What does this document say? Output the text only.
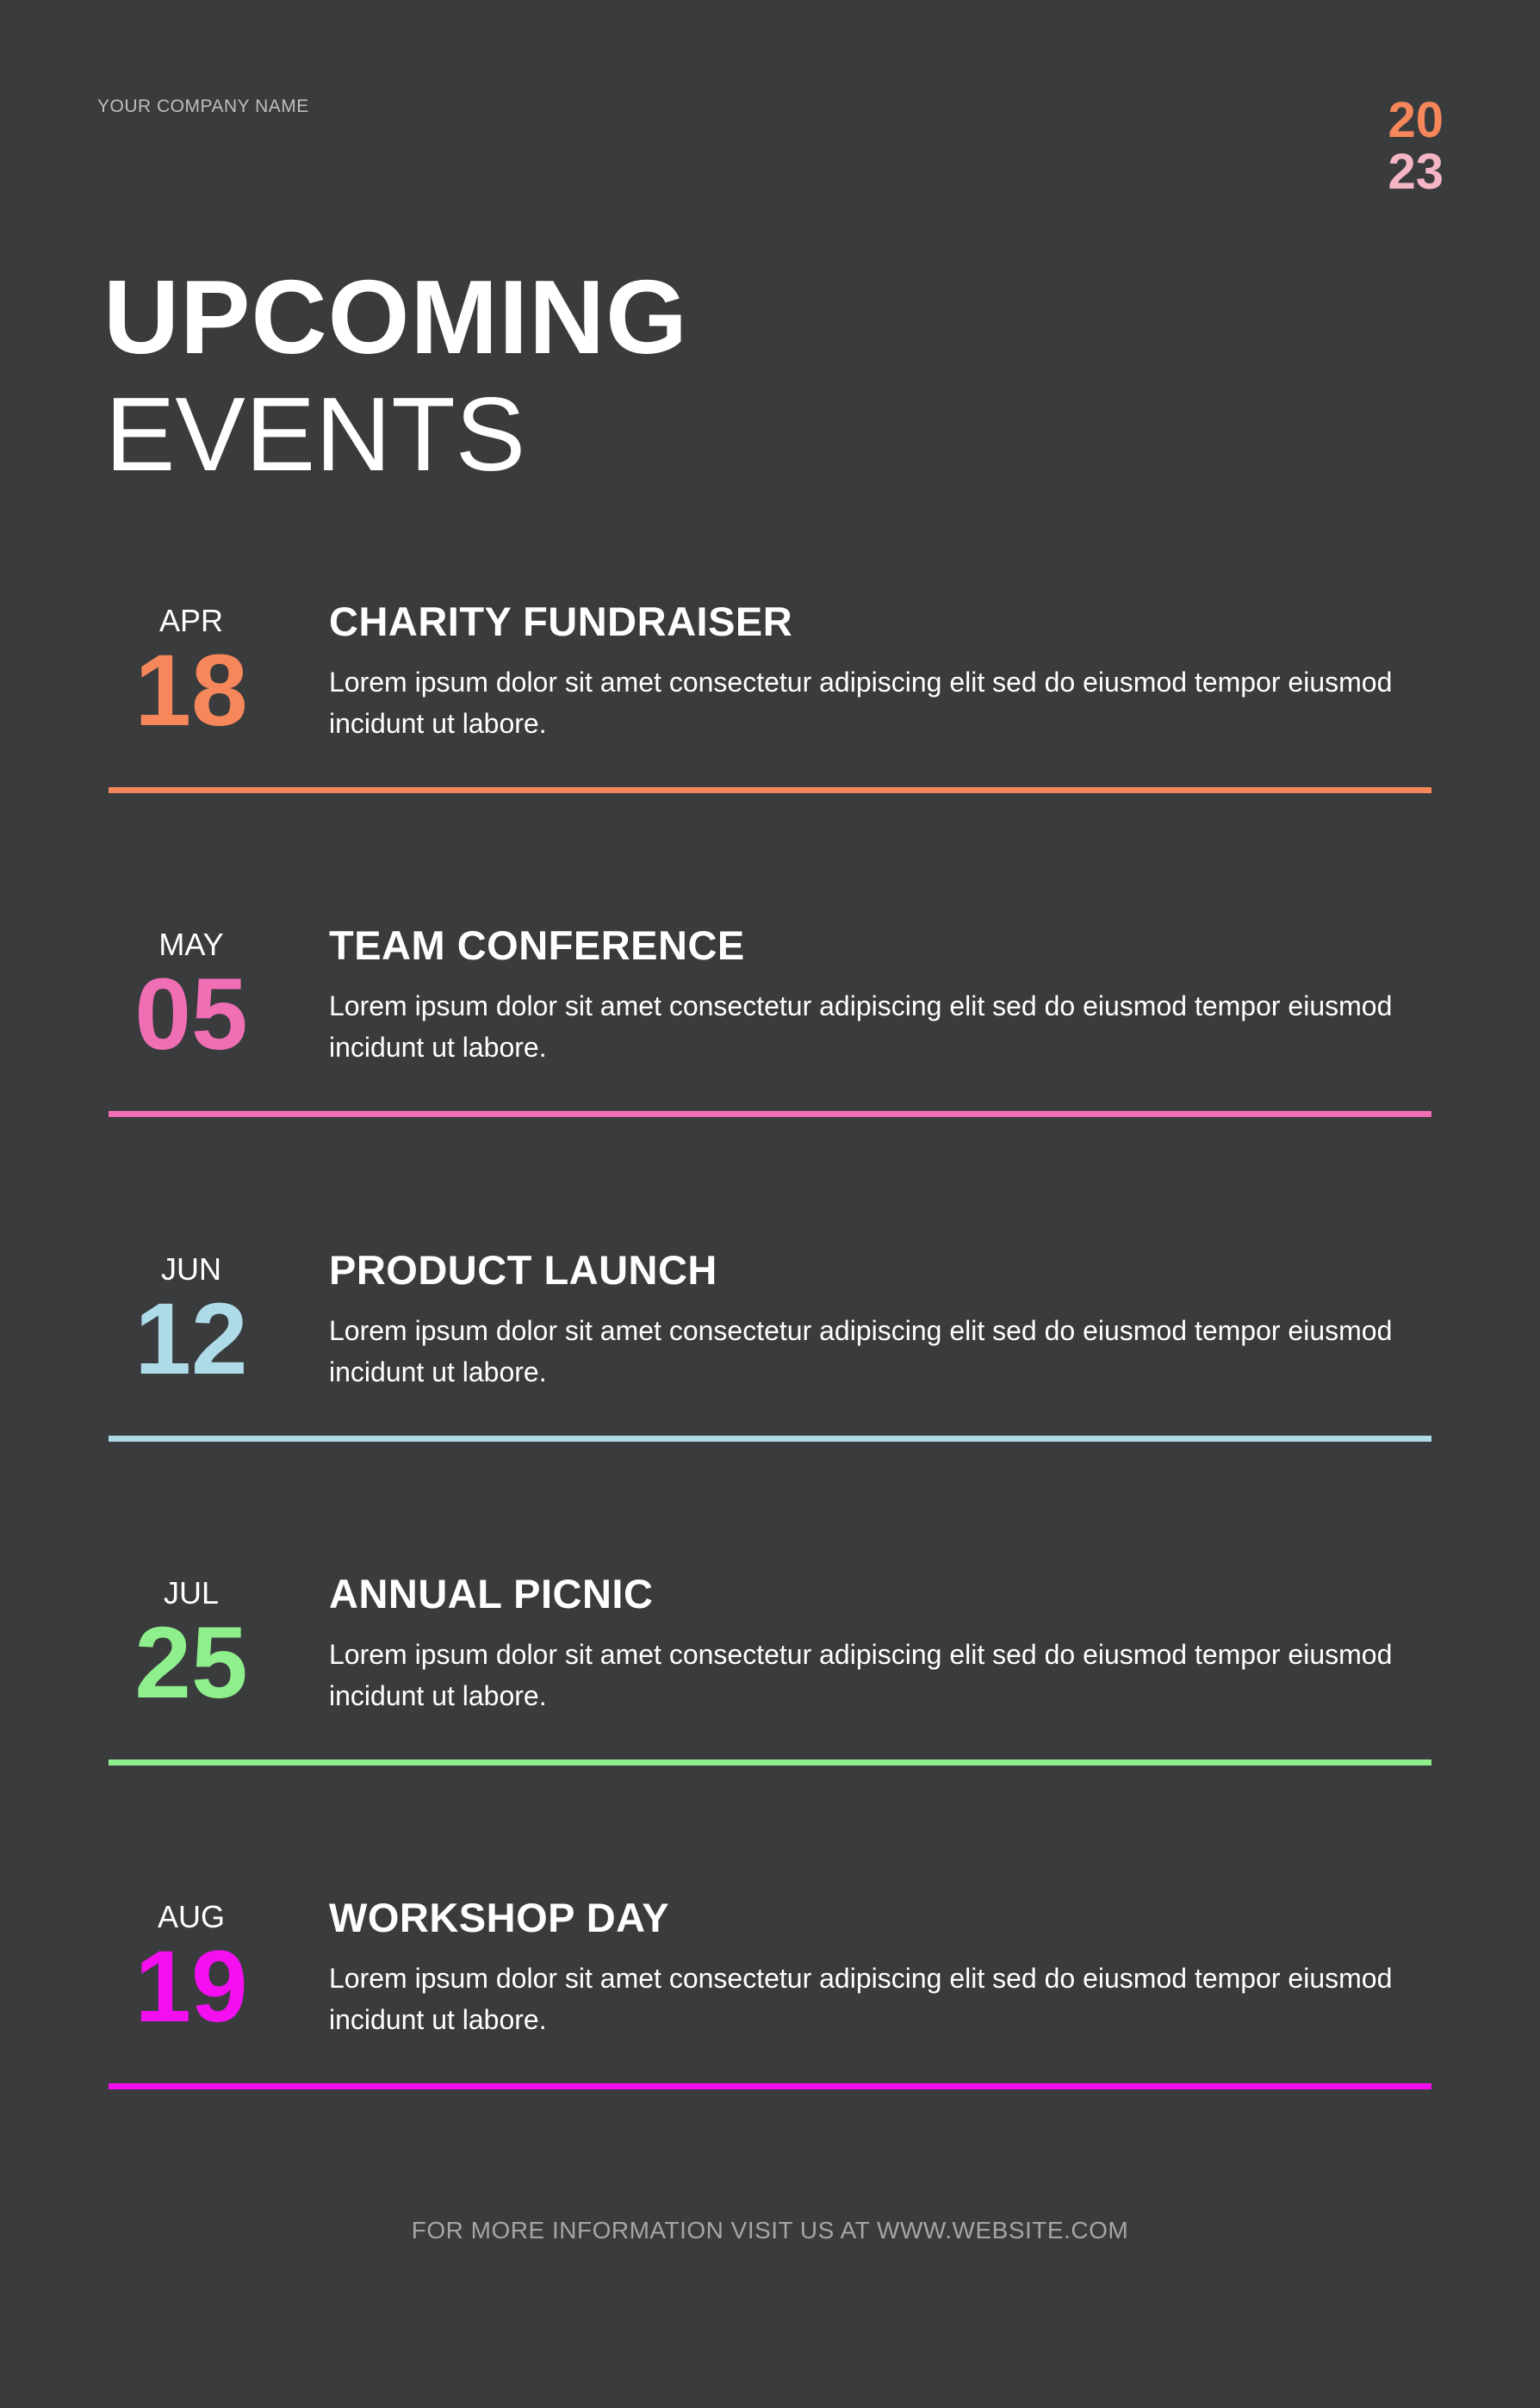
YOUR COMPANY NAME	20
23
UPCOMING
EVENTS
APR
18
CHARITY FUNDRAISER
Lorem ipsum dolor sit amet consectetur adipiscing elit sed do eiusmod tempor eiusmod incidunt ut labore.
MAY
05
TEAM CONFERENCE
Lorem ipsum dolor sit amet consectetur adipiscing elit sed do eiusmod tempor eiusmod incidunt ut labore.
JUN
12
PRODUCT LAUNCH
Lorem ipsum dolor sit amet consectetur adipiscing elit sed do eiusmod tempor eiusmod incidunt ut labore.
JUL
25
ANNUAL PICNIC
Lorem ipsum dolor sit amet consectetur adipiscing elit sed do eiusmod tempor eiusmod incidunt ut labore.
AUG
19
WORKSHOP DAY
Lorem ipsum dolor sit amet consectetur adipiscing elit sed do eiusmod tempor eiusmod incidunt ut labore.
FOR MORE INFORMATION VISIT US AT WWW.WEBSITE.COM
